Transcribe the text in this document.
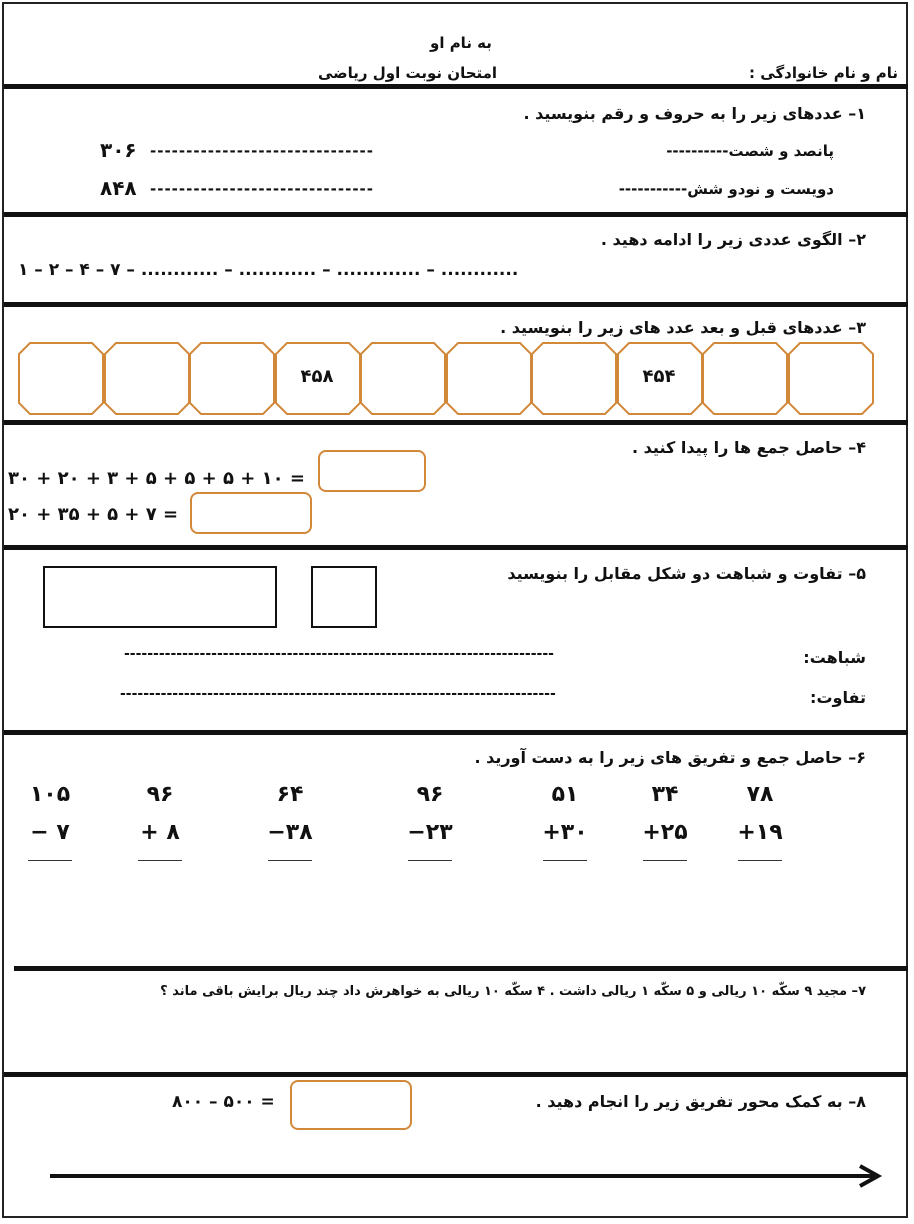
به نام او
امتحان نوبت اول ریاضی	نام و نام خانوادگی :
۱– عددهای زیر را به حروف و رقم بنویسید .
----------پانصد و شصت
-------------------------------
۳۰۶
-----------دویست و نودو شش
-------------------------------
۸۴۸
۲– الگوی عددی زیر را ادامه دهید .
۱ – ۲ – ۴ – ۷ – ............ – ............ – ............. – ............
۳– عددهای قبل و بعد عدد های زیر را بنویسید .
۴۵۸	۴۵۴
۴– حاصل جمع ها را پیدا کنید .
۳۰ + ۲۰ + ۳ + ۵ + ۵ + ۵ + ۱۰ =
۲۰ + ۳۵ + ۵ + ۷ =
۵– تفاوت و شباهت دو شکل مقابل را بنویسید
شباهت:
--------------------------------------------------------------------------
تفاوت:
---------------------------------------------------------------------------
۶– حاصل جمع و تفریق های زیر را به دست آورید .
۱۰۵
− ۷
۹۶
+ ۸
۶۴
−۳۸
۹۶
−۲۳
۵۱
+۳۰
۳۴
+۲۵
۷۸
+۱۹
۷– مجید ۹ سکّه ۱۰ ریالی و ۵ سکّه ۱ ریالی داشت . ۴ سکّه ۱۰ ریالی به خواهرش داد چند ریال برایش باقی ماند ؟
۸– به کمک محور تفریق زیر را انجام دهید .
۸۰۰ – ۵۰۰ =
